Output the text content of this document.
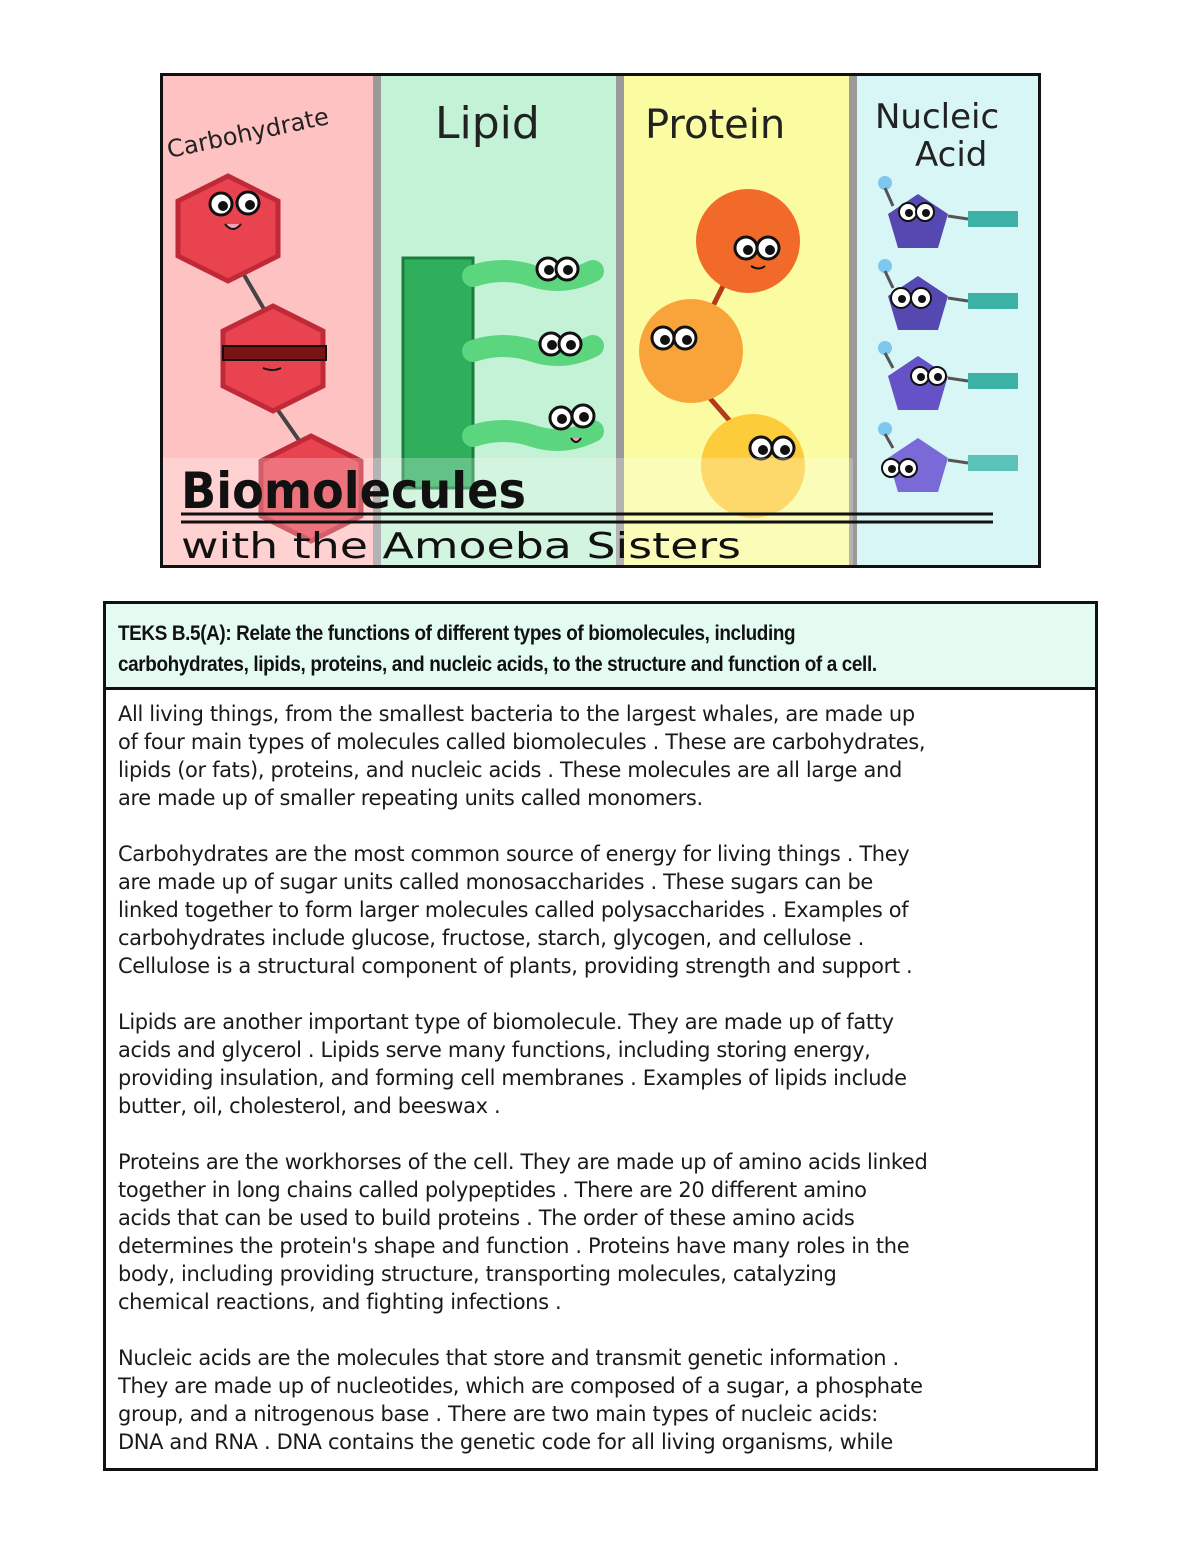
Carbohydrate Lipid	Protein	Nucleic
Acid
Biomolecules
with the Amoeba Sisters
TEKS B.5(A): Relate the functions of different types of biomolecules, including
carbohydrates, lipids, proteins, and nucleic acids, to the structure and function of a cell.
All living things, from the smallest bacteria to the largest whales, are made up
of four main types of molecules called biomolecules . These are carbohydrates,
lipids (or fats), proteins, and nucleic acids . These molecules are all large and
are made up of smaller repeating units called monomers.
Carbohydrates are the most common source of energy for living things . They
are made up of sugar units called monosaccharides . These sugars can be
linked together to form larger molecules called polysaccharides . Examples of
carbohydrates include glucose, fructose, starch, glycogen, and cellulose .
Cellulose is a structural component of plants, providing strength and support .
Lipids are another important type of biomolecule. They are made up of fatty
acids and glycerol . Lipids serve many functions, including storing energy,
providing insulation, and forming cell membranes . Examples of lipids include
butter, oil, cholesterol, and beeswax .
Proteins are the workhorses of the cell. They are made up of amino acids linked
together in long chains called polypeptides . There are 20 different amino
acids that can be used to build proteins . The order of these amino acids
determines the protein's shape and function . Proteins have many roles in the
body, including providing structure, transporting molecules, catalyzing
chemical reactions, and fighting infections .
Nucleic acids are the molecules that store and transmit genetic information .
They are made up of nucleotides, which are composed of a sugar, a phosphate
group, and a nitrogenous base . There are two main types of nucleic acids:
DNA and RNA . DNA contains the genetic code for all living organisms, while
